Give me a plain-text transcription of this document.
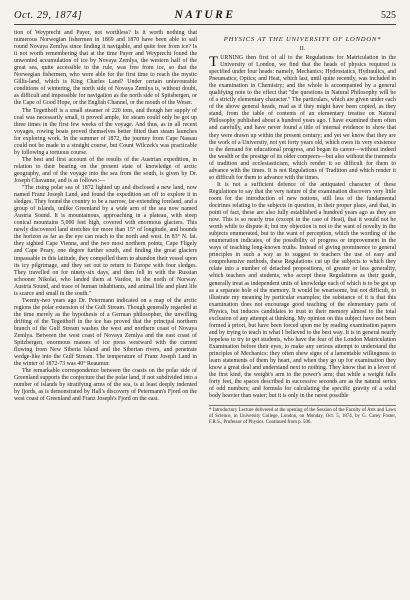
Oct. 29, 1874]	NATURE	525

tion of Weyprecht and Payer, not worthless? Is it worth nothing that numerous Norwegian fishermen in 1869 and 1870 have been able to sail round Novaya Zemlya since finding it navigable, and quite free from ice? Is it not worth remembering that at the time Payer and Weyprecht found the unwonted accumulation of ice by Novaya Zemlya, the western half of the great sea, quite accessible to the rule, was free from ice, so that the Norwegian fishermen, who were able for the first time to reach the mystic Gillis-land, which is King Charles Land? Under certain unfavourable conditions of wintering, the north side of Novaya Zemlya is, without doubt, as difficult and impossible for navigation as the north side of Spitsbergen, or the Cape of Good Hope, or the English Channel, or the mouth of the Weser.

The Tegetthoff is a small steamer of 220 tons, and though her supply of coal was necessarily small, it proved ample, for steam could only be got up three times in the first few weeks of the voyage. And thus, as in all recent voyages, rowing boats proved themselves better fitted than steam launches for exploring work. In the summer of 1872, the journey from Cape Nassau could not be made in a straight course, but Count Wilczek's was practicable by following a tortuous course.

The best and first account of the results of the Austrian expedition, in relation to their bearing on the present state of knowledge of arctic geography, and of the voyage into the sea from the south, is given by Dr. Joseph Chavanne, and is as follows:—

"The rising polar sea of 1872 lighted up and disclosed a new land, now named Franz Joseph Land, and found the expedition set off to explore it in sledges. They found the country to be a narrow, far-extending foreland, and a group of islands, unlike Greenland by a wide arm of the sea now named Austria Sound. It is mountainous, approaching in a plateau, with steep conical mountains 5,000 feet high, covered with enormous glaciers. This newly discovered land stretches for more than 15° of longitude, and bounds the horizon as far as the eye can reach to the north and west. In 83° N. lat. they sighted Cape Vienna, and the two most northern points, Cape Fligely and Cape Peary, one degree further south, and finding the great glaciers impassable in this latitude, they compelled them to abandon their vessel upon its icy pilgrimage, and they set out to return to Europe with four sledges. They travelled on for ninety-six days, and then fell in with the Russian schooner Nikolai, who landed them at Vardoe, in the north of Norway. Austria Sound, and trace of human inhabitants, and animal life and plant life is scarce and small in the south."

Twenty-two years ago Dr. Petermann indicated on a map of the arctic regions the polar extension of the Gulf Stream. Though generally regarded at the time merely as the hypothesis of a German philosopher, the unwilling drifting of the Tegetthoff in the ice has proved that the principal northern branch of the Gulf Stream washes the west and northern coast of Novaya Zemlya. Between the west coast of Novaya Zemlya and the east coast of Spitzbergen, enormous masses of ice press westward with the current flowing from New Siberia Island and the Siberian rivers, and penetrate wedge-like into the Gulf Stream. The temperature of Franz Joseph Land in the winter of 1872-73 was 40° Reaumur.

The remarkable correspondence between the coasts on the polar side of Greenland supports the conjecture that the polar land, if not subdivided into a number of islands by stratifying arms of the sea, is at least deeply indented by fjords, as is demonstrated by Hall's discovery of Petermann's Fjord on the west coast of Greenland and Franz Joseph's Fjord on the east.

PHYSICS AT THE UNIVERSITY OF LONDON*
II.

TURNING then first of all to the Regulations for Matriculation in the University of London, we find that the heads of physics required is specified under four heads: namely, Mechanics; Hydrostatics, Hydraulics, and Pneumatics; Optics; and Heat, which last, until quite recently, was included in the examination in Chemistry; and the whole is accompanied by a general qualifying note to the effect that "the questions in Natural Philosophy will be of a strictly elementary character." The particulars, which are given under each of the above general heads, read as if they might have been copied, as they stand, from the table of contents of an elementary treatise on Natural Philosophy published about a hundred years ago. I have examined them often and carefully, and have never found a title of internal evidence to show that they were drawn up within the present century; and yet we know that they are the work of a University, not yet forty years old, which owes its very existence to the demand for educational progress, and began its career—without indeed the wealth or the prestige of its older compeers—but also without the trammels of tradition and ecclesiasticism, which render it so difficult for them to advance with the times. It is not Regulations of Tradition and which render it so difficult for them to advance with the times.

It is not a sufficient defence of the antiquated character of these Regulations to say that the very nature of the examination discovers very little room for the introduction of new notions, still less of the fundamental doctrines relating to the subjects in question, in their proper place, and that, in point of fact, these are also fully established a hundred years ago as they are now. This is so nearly true (except in the case of Heat), that it would not be worth while to dispute it; but my objection is not to the want of novelty in the subjects enumerated, but to the want of perception, which the wording of the enumeration indicates, of the possibility of progress or improvement in the ways of teaching long-known truths. Instead of giving prominence to general principles in such a way as to suggest to teachers the use of easy and comprehensive methods, these Regulations cut up the subjects to which they relate into a number of detached propositions, of greater or less generality, which teachers and students, who accept these Regulations as their guide, generally treat as independent units of knowledge each of which is to be got up as a separate hole of the memory. It would be wearisome, but not difficult, to illustrate my meaning by particular examples; the substance of it is that this examination does not encourage good teaching of the elementary parts of Physics, but induces candidates to trust to their memory almost to the total exclusion of any attempt at thinking. My opinion on this subject have not been formed à priori, but have been forced upon me by reading examination papers and by trying to teach in what I believed to the best way. It is in general nearly hopeless to try to get students, who have the fear of the London Matriculation Examination before their eyes, to make any serious attempt to understand the principles of Mechanics: they often shew signs of a lamentable willingness to learn statements of them by heart, and when they go up for examination they know a great deal and understand next to nothing. They know that in a lever of the first kind, the weight's arm to the power's arm; that while a weight falls forty feet, the spaces described in successive seconds are as the natural series of odd numbers; and formula for calculating the specific gravity of a solid body heavier than water; but it is only in the rarest possible

* Introductory Lecture delivered at the opening of the Session of the Faculty of Arts and Laws of Science, in University College, London, on Monday, Oct. 5, 1874, by G. Carey Foster, F.R.S., Professor of Physics. Continued from p. 506.
